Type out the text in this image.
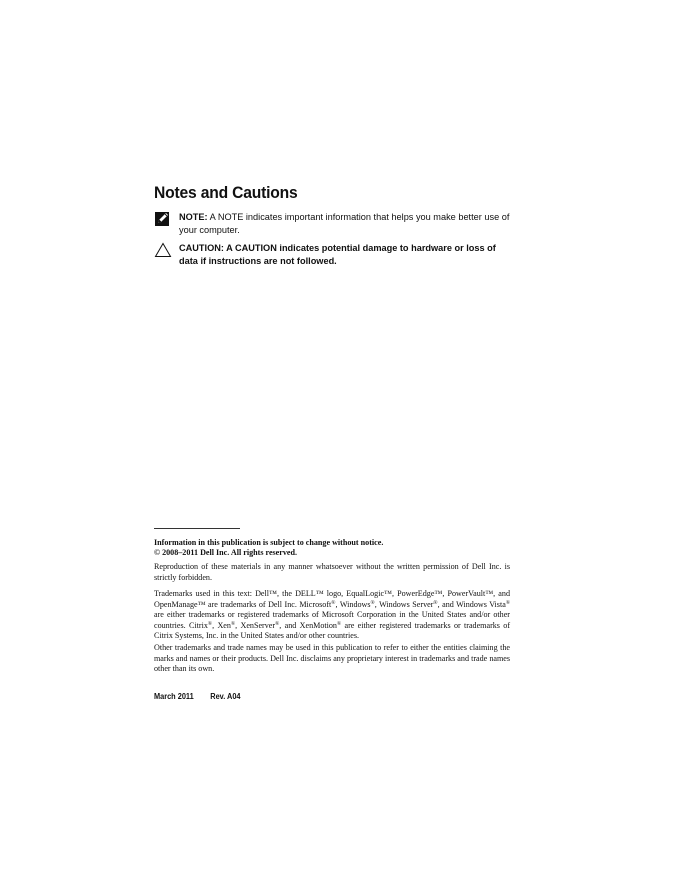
Notes and Cautions
NOTE: A NOTE indicates important information that helps you make better use of your computer.
CAUTION: A CAUTION indicates potential damage to hardware or loss of data if instructions are not followed.
Information in this publication is subject to change without notice.
© 2008–2011 Dell Inc. All rights reserved.
Reproduction of these materials in any manner whatsoever without the written permission of Dell Inc. is strictly forbidden.
Trademarks used in this text: Dell™, the DELL™ logo, EqualLogic™, PowerEdge™, PowerVault™, and OpenManage™ are trademarks of Dell Inc. Microsoft®, Windows®, Windows Server®, and Windows Vista® are either trademarks or registered trademarks of Microsoft Corporation in the United States and/or other countries. Citrix®, Xen®, XenServer®, and XenMotion® are either registered trademarks or trademarks of Citrix Systems, Inc. in the United States and/or other countries.
Other trademarks and trade names may be used in this publication to refer to either the entities claiming the marks and names or their products. Dell Inc. disclaims any proprietary interest in trademarks and trade names other than its own.
March 2011 Rev. A04
